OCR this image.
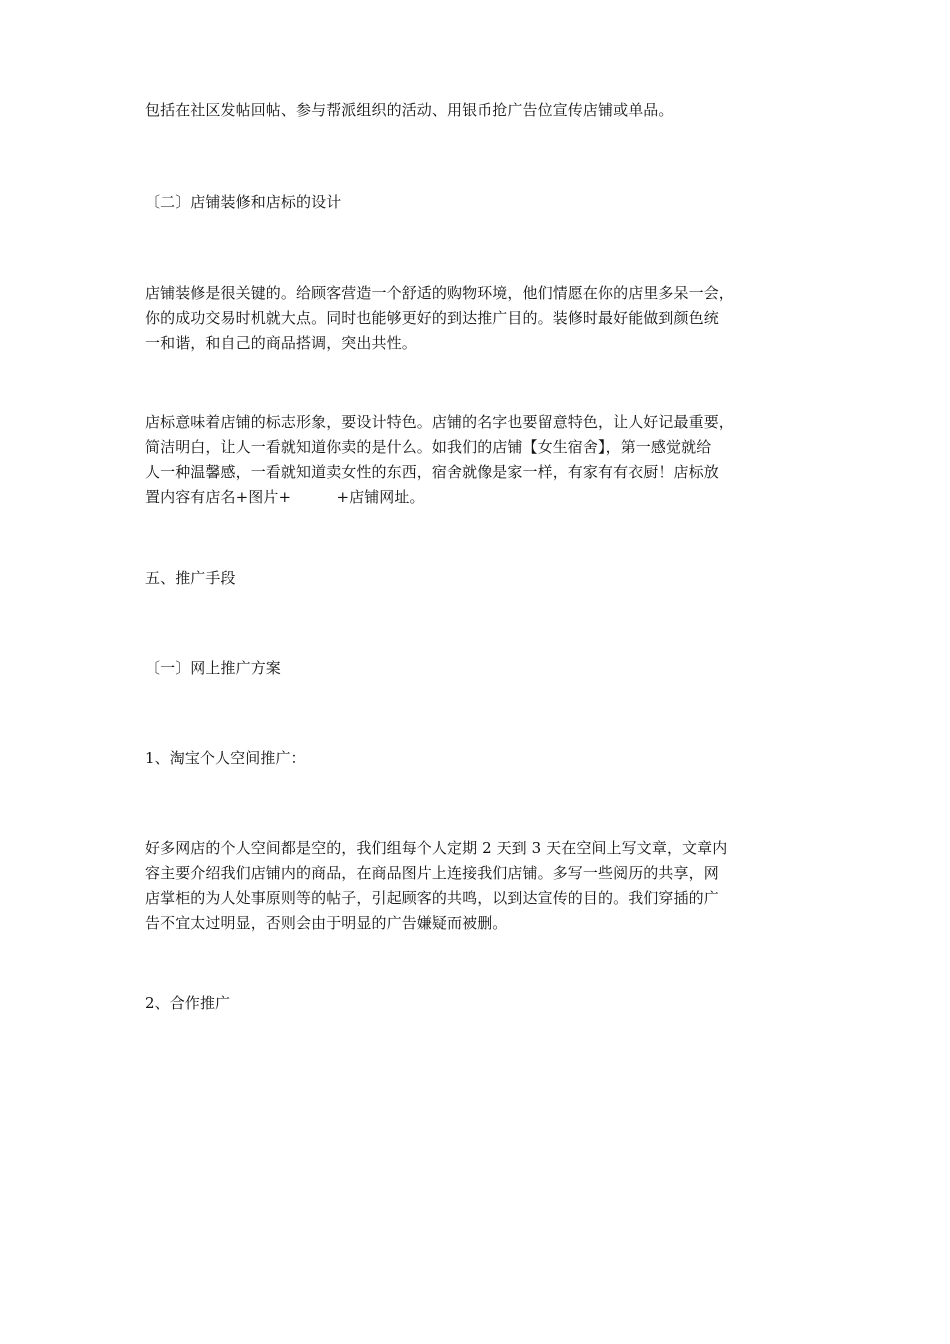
包括在社区发帖回帖、参与帮派组织的活动、用银币抢广告位宣传店铺或单品。

〔二〕店铺装修和店标的设计

店铺装修是很关键的。给顾客营造一个舒适的购物环境，他们情愿在你的店里多呆一会，
你的成功交易时机就大点。同时也能够更好的到达推广目的。装修时最好能做到颜色统
一和谐，和自己的商品搭调，突出共性。

店标意味着店铺的标志形象，要设计特色。店铺的名字也要留意特色，让人好记最重要，
简洁明白，让人一看就知道你卖的是什么。如我们的店铺【女生宿舍】，第一感觉就给
人一种温馨感，一看就知道卖女性的东西，宿舍就像是家一样，有家有有衣厨！店标放
置内容有店名+图片+　　　+店铺网址。

五、推广手段

〔一〕网上推广方案

1、淘宝个人空间推广：

好多网店的个人空间都是空的，我们组每个人定期 2 天到 3 天在空间上写文章，文章内
容主要介绍我们店铺内的商品，在商品图片上连接我们店铺。多写一些阅历的共享，网
店掌柜的为人处事原则等的帖子，引起顾客的共鸣，以到达宣传的目的。我们穿插的广
告不宜太过明显，否则会由于明显的广告嫌疑而被删。

2、合作推广
